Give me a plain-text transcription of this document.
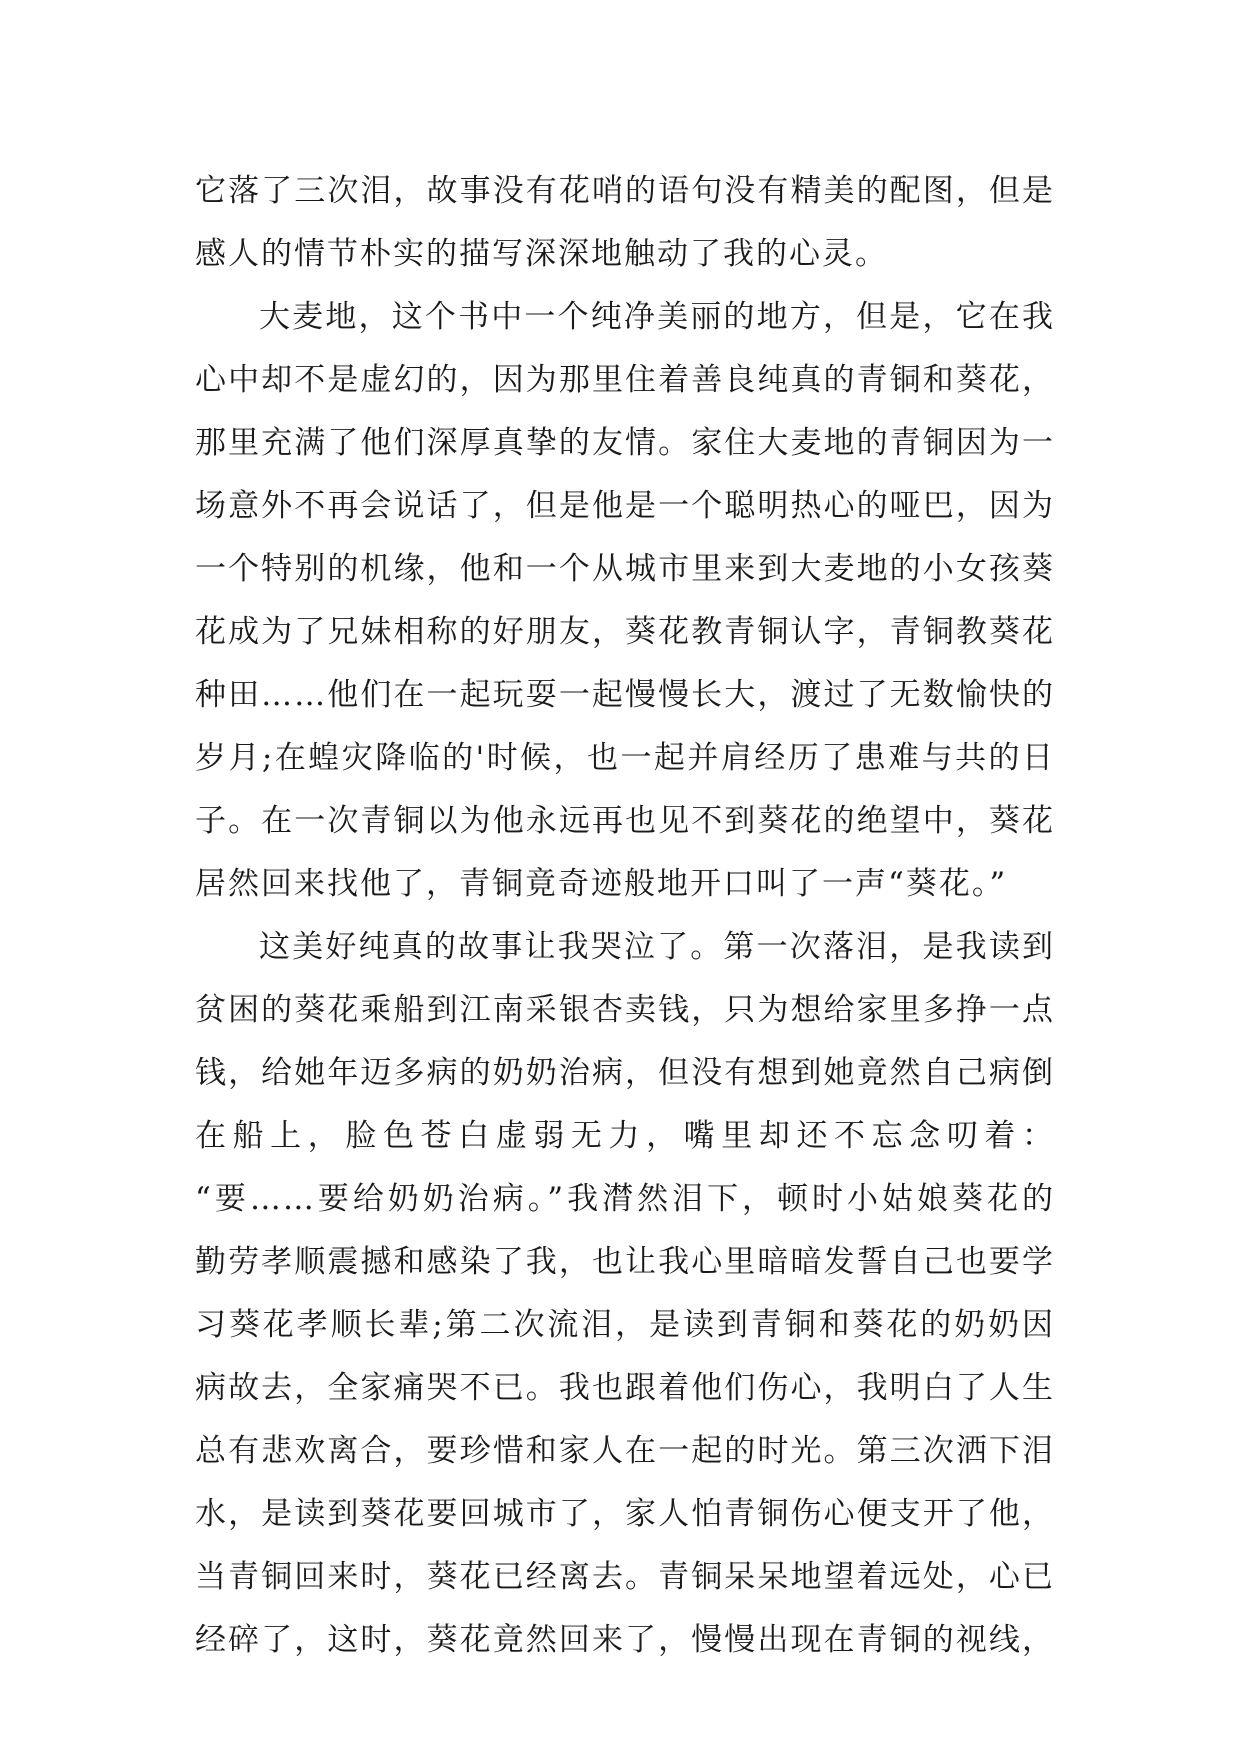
它落了三次泪，故事没有花哨的语句没有精美的配图，但是
感人的情节朴实的描写深深地触动了我的心灵。
大麦地，这个书中一个纯净美丽的地方，但是，它在我
心中却不是虚幻的，因为那里住着善良纯真的青铜和葵花，
那里充满了他们深厚真挚的友情。家住大麦地的青铜因为一
场意外不再会说话了，但是他是一个聪明热心的哑巴，因为
一个特别的机缘，他和一个从城市里来到大麦地的小女孩葵
花成为了兄妹相称的好朋友，葵花教青铜认字，青铜教葵花
种田……他们在一起玩耍一起慢慢长大，渡过了无数愉快的
岁月;在蝗灾降临的'时候，也一起并肩经历了患难与共的日
子。在一次青铜以为他永远再也见不到葵花的绝望中，葵花
居然回来找他了，青铜竟奇迹般地开口叫了一声“葵花。”
这美好纯真的故事让我哭泣了。第一次落泪，是我读到
贫困的葵花乘船到江南采银杏卖钱，只为想给家里多挣一点
钱，给她年迈多病的奶奶治病，但没有想到她竟然自己病倒
在船上，脸色苍白虚弱无力，嘴里却还不忘念叨着：
“要……要给奶奶治病。”我潸然泪下，顿时小姑娘葵花的
勤劳孝顺震撼和感染了我，也让我心里暗暗发誓自己也要学
习葵花孝顺长辈;第二次流泪，是读到青铜和葵花的奶奶因
病故去，全家痛哭不已。我也跟着他们伤心，我明白了人生
总有悲欢离合，要珍惜和家人在一起的时光。第三次洒下泪
水，是读到葵花要回城市了，家人怕青铜伤心便支开了他，
当青铜回来时，葵花已经离去。青铜呆呆地望着远处，心已
经碎了，这时，葵花竟然回来了，慢慢出现在青铜的视线，
